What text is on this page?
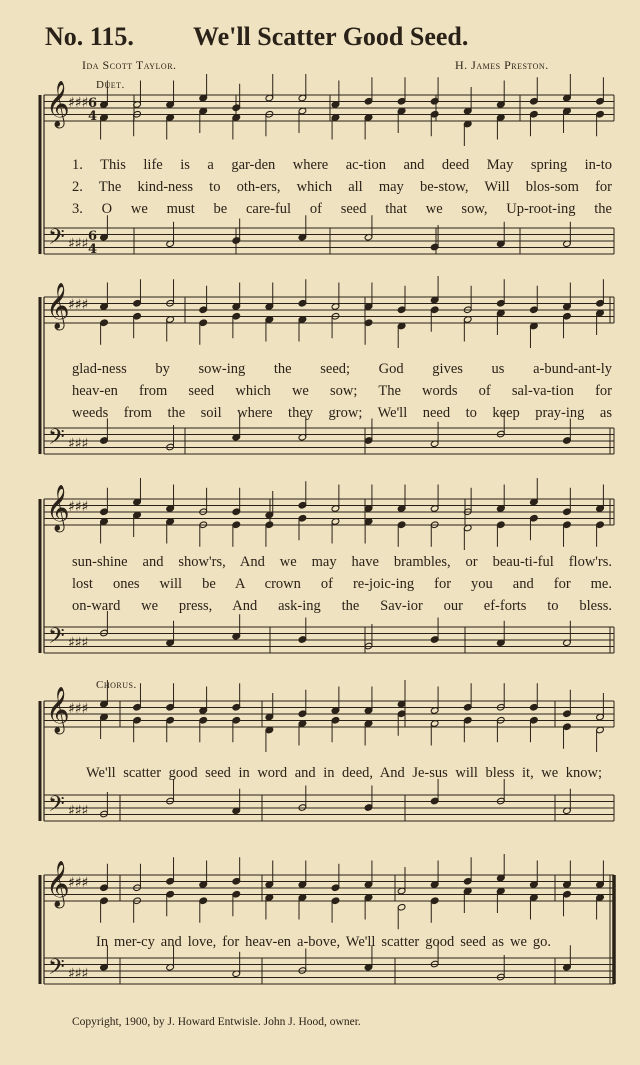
No. 115. We'll Scatter Good Seed.
Ida Scott Taylor.	H. James Preston.
𝄞
𝄢
♯♯♯
♯♯♯
6
4
6
4
𝄞
𝄢
♯♯♯
♯♯♯
𝄞
𝄢
♯♯♯
♯♯♯
𝄞
𝄢
♯♯♯
♯♯♯
𝄞
𝄢
♯♯♯
♯♯♯
Duet.
Chorus.
1. This life is a gar-den where ac-tion and deed May spring in-to
2. The kind-ness to oth-ers, which all may be-stow, Will blos-som for
3. O we must be care-ful of seed that we sow, Up-root-ing the
glad-ness by sow-ing the seed; God gives us a-bund-ant-ly
heav-en from seed which we sow; The words of sal-va-tion for
weeds from the soil where they grow; We'll need to keep pray-ing as
sun-shine and show'rs, And we may have brambles, or beau-ti-ful flow'rs.
lost ones will be A crown of re-joic-ing for you and for me.
on-ward we press, And ask-ing the Sav-ior our ef-forts to bless.
We'll scatter good seed in word and in deed, And Je-sus will bless it, we know;
In mer-cy and love, for heav-en a-bove, We'll scatter good seed as we go.
Copyright, 1900, by J. Howard Entwisle. John J. Hood, owner.
